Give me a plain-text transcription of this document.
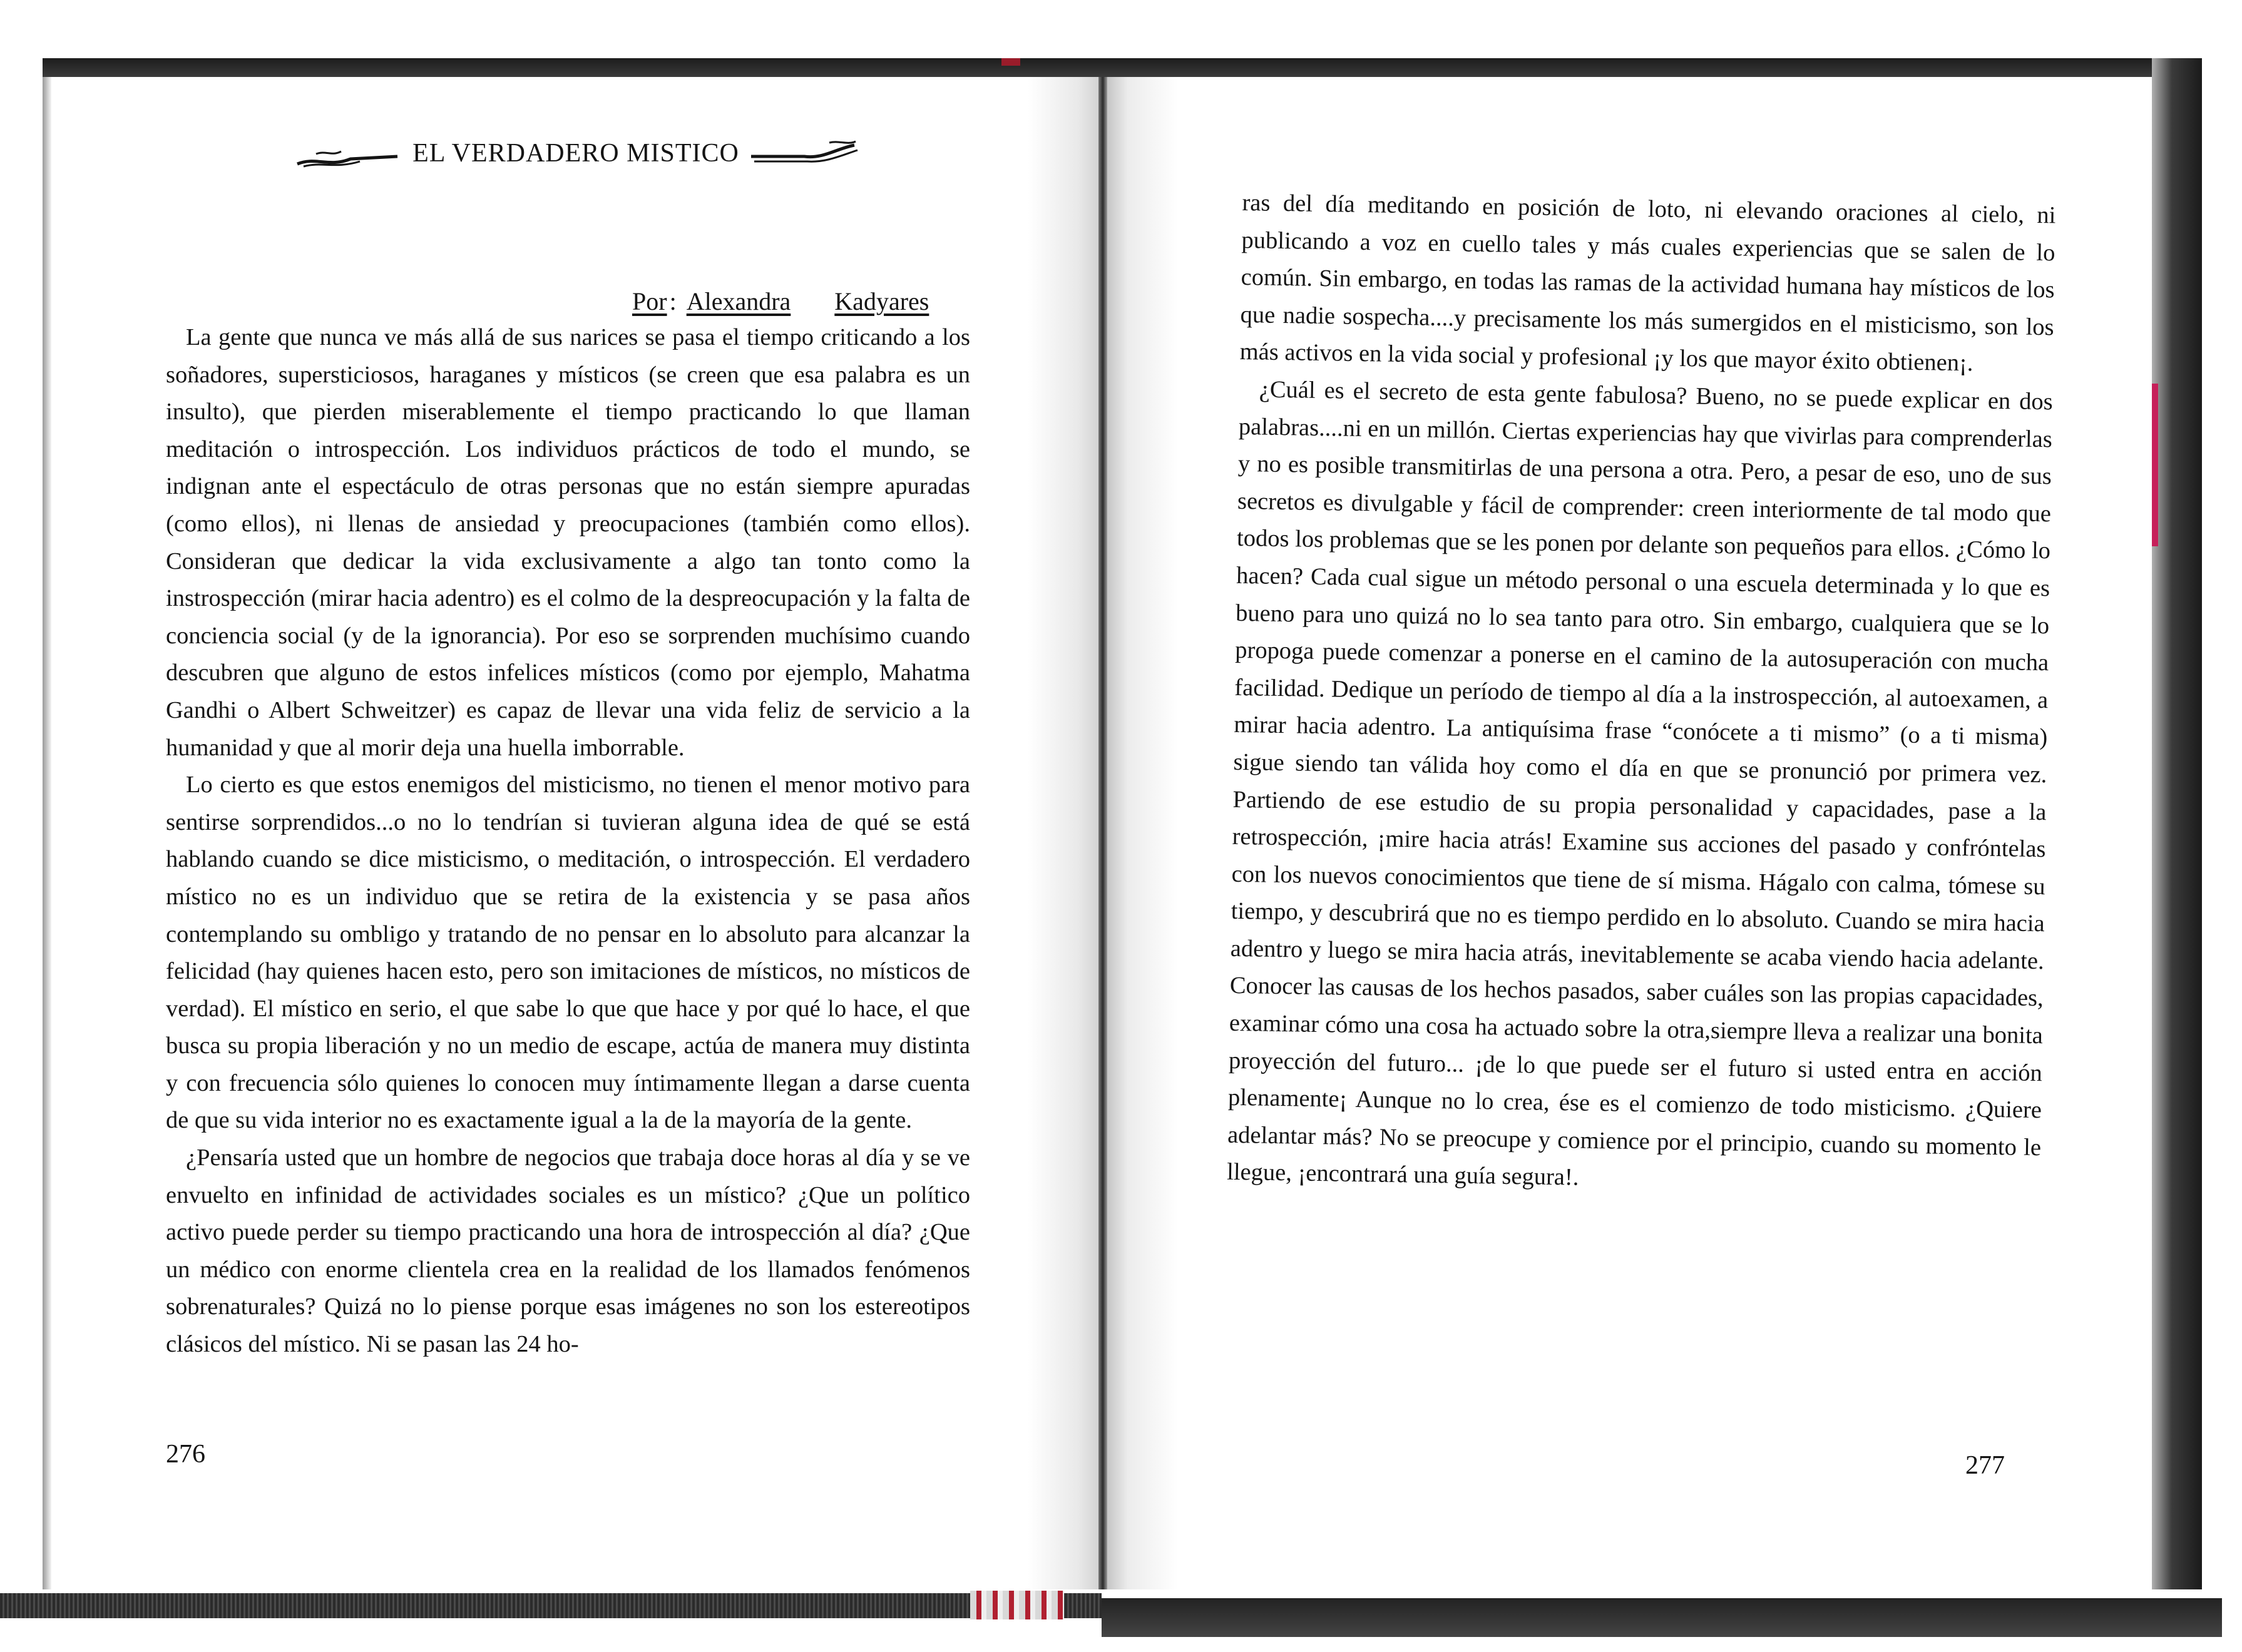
EL VERDADERO MISTICO
Por : Alexandra Kadyares

La gente que nunca ve más allá de sus narices se pasa el tiempo criticando a los soñadores, supersticiosos, haraganes y místicos (se creen que esa palabra es un insulto), que pierden miserablemente el tiempo practicando lo que llaman meditación o introspección. Los individuos prácticos de todo el mundo, se indignan ante el espectáculo de otras personas que no están siempre apuradas (como ellos), ni llenas de ansiedad y preocupaciones (también como ellos). Consideran que dedicar la vida exclusivamente a algo tan tonto como la instrospección (mirar hacia adentro) es el colmo de la despreocupación y la falta de conciencia social (y de la ignorancia). Por eso se sorprenden muchísimo cuando descubren que alguno de estos infelices místicos (como por ejemplo, Mahatma Gandhi o Albert Schweitzer) es capaz de llevar una vida feliz de servicio a la humanidad y que al morir deja una huella imborrable.

Lo cierto es que estos enemigos del misticismo, no tienen el menor motivo para sentirse sorprendidos...o no lo tendrían si tuvieran alguna idea de qué se está hablando cuando se dice misticismo, o meditación, o introspección. El verdadero místico no es un individuo que se retira de la existencia y se pasa años contemplando su ombligo y tratando de no pensar en lo absoluto para alcanzar la felicidad (hay quienes hacen esto, pero son imitaciones de místicos, no místicos de verdad). El místico en serio, el que sabe lo que que hace y por qué lo hace, el que busca su propia liberación y no un medio de escape, actúa de manera muy distinta y con frecuencia sólo quienes lo conocen muy íntimamente llegan a darse cuenta de que su vida interior no es exactamente igual a la de la mayoría de la gente.

¿Pensaría usted que un hombre de negocios que trabaja doce horas al día y se ve envuelto en infinidad de actividades sociales es un místico? ¿Que un político activo puede perder su tiempo practicando una hora de introspección al día? ¿Que un médico con enorme clientela crea en la realidad de los llamados fenómenos sobrenaturales? Quizá no lo piense porque esas imágenes no son los estereotipos clásicos del místico. Ni se pasan las 24 ho-

276

ras del día meditando en posición de loto, ni elevando oraciones al cielo, ni publicando a voz en cuello tales y más cuales experiencias que se salen de lo común. Sin embargo, en todas las ramas de la actividad humana hay místicos de los que nadie sospecha....y precisamente los más sumergidos en el misticismo, son los más activos en la vida social y profesional ¡y los que mayor éxito obtienen¡.

¿Cuál es el secreto de esta gente fabulosa? Bueno, no se puede explicar en dos palabras....ni en un millón. Ciertas experiencias hay que vivirlas para comprenderlas y no es posible transmitirlas de una persona a otra. Pero, a pesar de eso, uno de sus secretos es divulgable y fácil de comprender: creen interiormente de tal modo que todos los problemas que se les ponen por delante son pequeños para ellos. ¿Cómo lo hacen? Cada cual sigue un método personal o una escuela determinada y lo que es bueno para uno quizá no lo sea tanto para otro. Sin embargo, cualquiera que se lo propoga puede comenzar a ponerse en el camino de la autosuperación con mucha facilidad. Dedique un período de tiempo al día a la instrospección, al autoexamen, a mirar hacia adentro. La antiquísima frase “conócete a ti mismo” (o a ti misma) sigue siendo tan válida hoy como el día en que se pronunció por primera vez. Partiendo de ese estudio de su propia personalidad y capacidades, pase a la retrospección, ¡mire hacia atrás! Examine sus acciones del pasado y confróntelas con los nuevos conocimientos que tiene de sí misma. Hágalo con calma, tómese su tiempo, y descubrirá que no es tiempo perdido en lo absoluto. Cuando se mira hacia adentro y luego se mira hacia atrás, inevitablemente se acaba viendo hacia adelante. Conocer las causas de los hechos pasados, saber cuáles son las propias capacidades, examinar cómo una cosa ha actuado sobre la otra,siempre lleva a realizar una bonita proyección del futuro... ¡de lo que puede ser el futuro si usted entra en acción plenamente¡ Aunque no lo crea, ése es el comienzo de todo misticismo. ¿Quiere adelantar más? No se preocupe y comience por el principio, cuando su momento le llegue, ¡encontrará una guía segura!.

277
